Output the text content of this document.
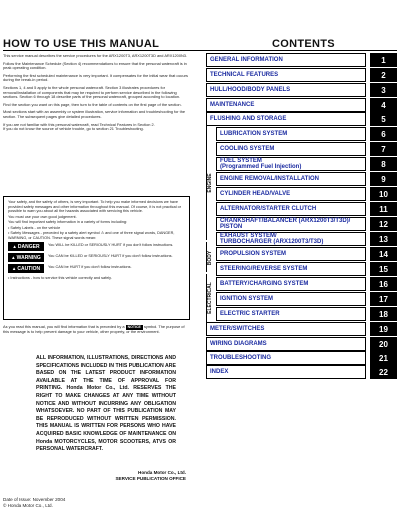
HOW TO USE THIS MANUAL	CONTENTS

This service manual describes the service procedures for the ARX1200T3, ARX1200T3D and ARX1200N3.

Follow the Maintenance Schedule (Section 4) recommendations to ensure that the personal watercraft is in peak operating condition.

Performing the first scheduled maintenance is very important. It compensates for the initial wear that occurs during the break-in period.

Sections 1, 4 and 5 apply to the whole personal watercraft. Section 3 illustrates procedures for removal/installation of components that may be required to perform service described in the following sections. Section 6 through 18 describe parts of the personal watercraft, grouped according to location.

Find the section you want on this page, then turn to the table of contents on the first page of the section.

Most sections start with an assembly or system illustration, service information and troubleshooting for the section. The subsequent pages give detailed procedures.

If you are not familiar with this personal watercraft, read Technical Features in Section 2.

If you do not know the source of vehicle trouble, go to section 21 Troubleshooting.

Your safety, and the safety of others, is very important. To help you make informed decisions we have provided safety messages and other information throughout this manual. Of course, it is not practical or possible to warn you about all the hazards associated with servicing this vehicle.

You must use your own good judgement.

You will find important safety information in a variety of forms including:

• Safety Labels - on the vehicle

• Safety Messages - preceded by a safety alert symbol ⚠ and one of three signal words, DANGER, WARNING, or CAUTION. These signal words mean:

▲DANGER	You WILL be KILLED or SERIOUSLY HURT if you don't follow instructions.
▲WARNING	You CAN be KILLED or SERIOUSLY HURT if you don't follow instructions.
▲CAUTION	You CAN be HURT if you don't follow instructions.

• Instructions - how to service this vehicle correctly and safely.

As you read this manual, you will find information that is preceded by a NOTICE symbol. The purpose of this message is to help prevent damage to your vehicle, other property, or the environment.
ALL INFORMATION, ILLUSTRATIONS, DIRECTIONS AND SPECIFICATIONS INCLUDED IN THIS PUBLICATION ARE BASED ON THE LATEST PRODUCT INFORMATION AVAILABLE AT THE TIME OF APPROVAL FOR PRINTING. Honda Motor Co., Ltd. RESERVES THE RIGHT TO MAKE CHANGES AT ANY TIME WITHOUT NOTICE AND WITHOUT INCURRING ANY OBLIGATION WHATSOEVER. NO PART OF THIS PUBLICATION MAY BE REPRODUCED WITHOUT WRITTEN PERMISSION. THIS MANUAL IS WRITTEN FOR PERSONS WHO HAVE ACQUIRED BASIC KNOWLEDGE OF MAINTENANCE ON Honda MOTORCYCLES, MOTOR SCOOTERS, ATVS OR PERSONAL WATERCRAFT.
Honda Motor Co., Ltd.
SERVICE PUBLICATION OFFICE
Date of Issue: November 2004
© Honda Motor Co., Ltd.
ENGINE
BODY
ELECTRICAL
GENERAL INFORMATION	1
TECHNICAL FEATURES	2
HULL/HOOD/BODY PANELS	3
MAINTENANCE	4
FLUSHING AND STORAGE	5
LUBRICATION SYSTEM	6
COOLING SYSTEM	7
FUEL SYSTEM
(Programmed Fuel Injection)	8
ENGINE REMOVAL/INSTALLATION	9
CYLINDER HEAD/VALVE	10
ALTERNATOR/STARTER CLUTCH	11
CRANKSHAFT/BALANCER (ARX1200T3/T3D)/
PISTON	12
EXHAUST SYSTEM/
TURBOCHARGER (ARX1200T3/T3D)	13
PROPULSION SYSTEM	14
STEERING/REVERSE SYSTEM	15
BATTERY/CHARGING SYSTEM	16
IGNITION SYSTEM	17
ELECTRIC STARTER	18
METER/SWITCHES	19
WIRING DIAGRAMS	20
TROUBLESHOOTING	21
INDEX	22
